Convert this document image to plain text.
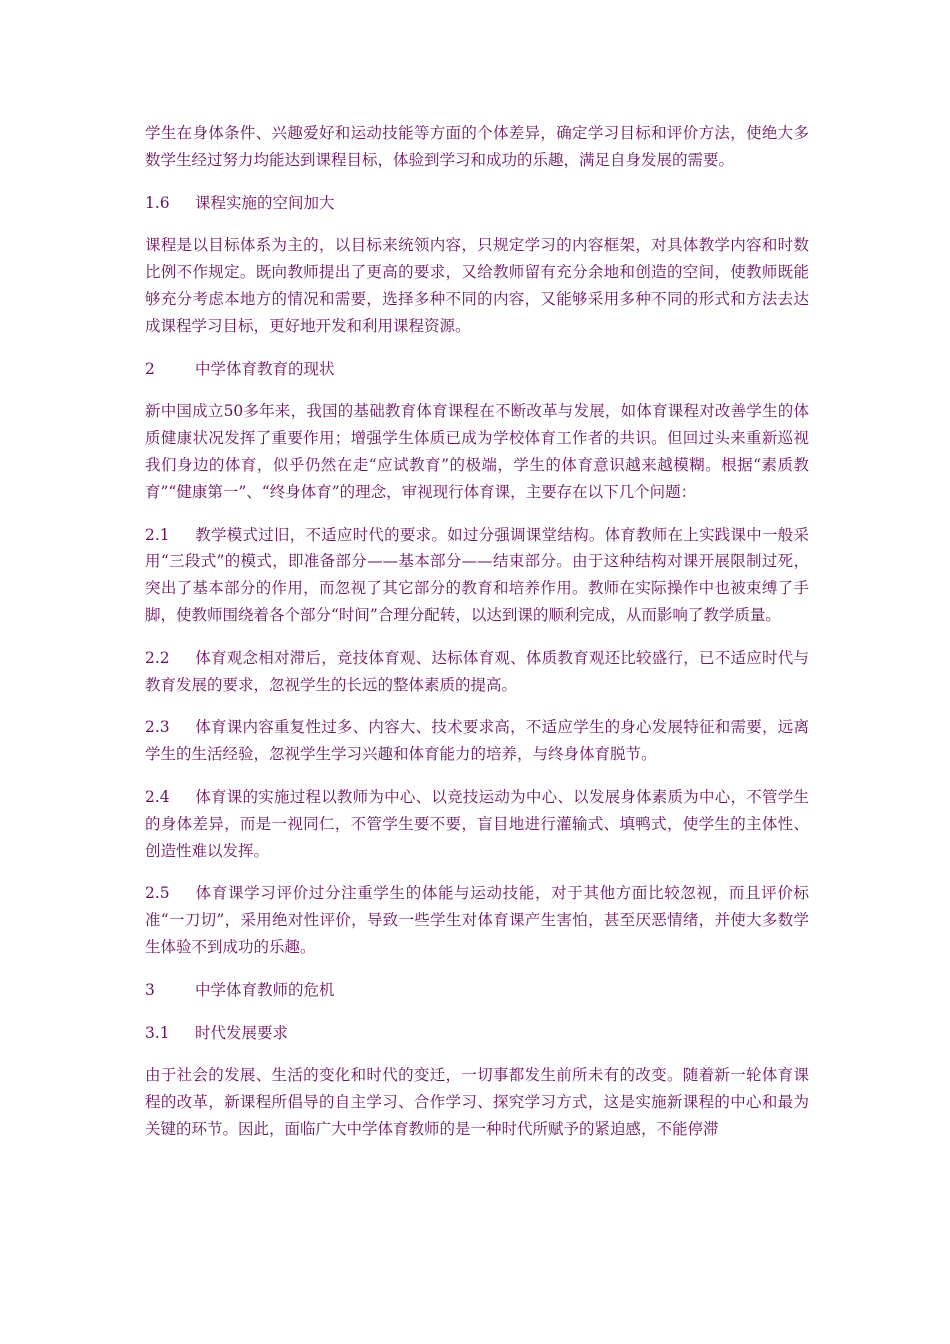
学生在身体条件、兴趣爱好和运动技能等方面的个体差异，确定学习目标和评价方法，使绝大多数学生经过努力均能达到课程目标，体验到学习和成功的乐趣，满足自身发展的需要。

1.6 课程实施的空间加大

课程是以目标体系为主的，以目标来统领内容，只规定学习的内容框架，对具体教学内容和时数比例不作规定。既向教师提出了更高的要求，又给教师留有充分余地和创造的空间，使教师既能够充分考虑本地方的情况和需要，选择多种不同的内容，又能够采用多种不同的形式和方法去达成课程学习目标，更好地开发和利用课程资源。

2	中学体育教育的现状

新中国成立50多年来，我国的基础教育体育课程在不断改革与发展，如体育课程对改善学生的体质健康状况发挥了重要作用；增强学生体质已成为学校体育工作者的共识。但回过头来重新巡视我们身边的体育，似乎仍然在走“应试教育”的极端，学生的体育意识越来越模糊。根据“素质教育”“健康第一”、“终身体育”的理念，审视现行体育课，主要存在以下几个问题：

2.1 教学模式过旧，不适应时代的要求。如过分强调课堂结构。体育教师在上实践课中一般采用“三段式”的模式，即准备部分——基本部分——结束部分。由于这种结构对课开展限制过死，突出了基本部分的作用，而忽视了其它部分的教育和培养作用。教师在实际操作中也被束缚了手脚，使教师围绕着各个部分“时间”合理分配转，以达到课的顺利完成，从而影响了教学质量。

2.2 体育观念相对滞后，竞技体育观、达标体育观、体质教育观还比较盛行，已不适应时代与教育发展的要求，忽视学生的长远的整体素质的提高。

2.3 体育课内容重复性过多、内容大、技术要求高，不适应学生的身心发展特征和需要，远离学生的生活经验，忽视学生学习兴趣和体育能力的培养，与终身体育脱节。

2.4 体育课的实施过程以教师为中心、以竞技运动为中心、以发展身体素质为中心，不管学生的身体差异，而是一视同仁，不管学生要不要，盲目地进行灌输式、填鸭式，使学生的主体性、创造性难以发挥。

2.5 体育课学习评价过分注重学生的体能与运动技能，对于其他方面比较忽视，而且评价标准“一刀切”，采用绝对性评价，导致一些学生对体育课产生害怕，甚至厌恶情绪，并使大多数学生体验不到成功的乐趣。

3	中学体育教师的危机
3.1 时代发展要求

由于社会的发展、生活的变化和时代的变迁，一切事都发生前所未有的改变。随着新一轮体育课程的改革，新课程所倡导的自主学习、合作学习、探究学习方式，这是实施新课程的中心和最为关键的环节。因此，面临广大中学体育教师的是一种时代所赋予的紧迫感，不能停滞
